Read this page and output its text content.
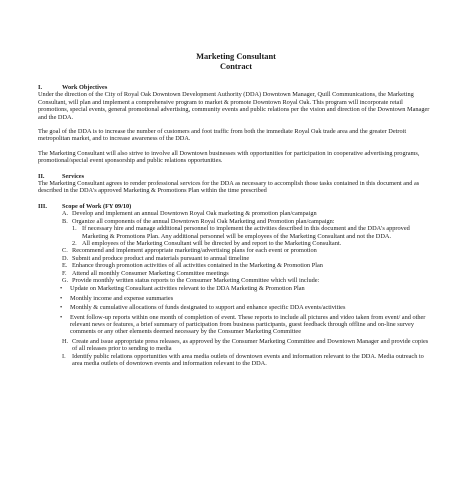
Marketing Consultant
Contract
I.	Work Objectives

Under the direction of the City of Royal Oak Downtown Development Authority (DDA) Downtown Manager, Quill Communications, the Marketing Consultant, will plan and implement a comprehensive program to market & promote Downtown Royal Oak. This program will incorporate retail promotions, special events, general promotional advertising, community events and public relations per the vision and direction of the Downtown Manager and the DDA.

The goal of the DDA is to increase the number of customers and foot traffic from both the immediate Royal Oak trade area and the greater Detroit metropolitan market, and to increase awareness of the DDA.

The Marketing Consultant will also strive to involve all Downtown businesses with opportunities for participation in cooperative advertising programs, promotional/special event sponsorship and public relations opportunities.

II.	Services

The Marketing Consultant agrees to render professional services for the DDA as necessary to accomplish those tasks contained in this document and as described in the DDA's approved Marketing & Promotions Plan within the time prescribed

III.	Scope of Work (FY 09/10)
A. Develop and implement an annual Downtown Royal Oak marketing & promotion plan/campaign
B. Organize all components of the annual Downtown Royal Oak Marketing and Promotion plan/campaign:
1. If necessary hire and manage additional personnel to implement the activities described in this document and the DDA's approved Marketing & Promotions Plan. Any additional personnel will be employees of the Marketing Consultant and not the DDA.
2. All employees of the Marketing Consultant will be directed by and report to the Marketing Consultant.
C. Recommend and implement appropriate marketing/advertising plans for each event or promotion
D. Submit and produce product and materials pursuant to annual timeline
E. Enhance through promotion activities of all activities contained in the Marketing & Promotion Plan
F. Attend all monthly Consumer Marketing Committee meetings
G. Provide monthly written status reports to the Consumer Marketing Committee which will include:
•	Update on Marketing Consultant activities relevant to the DDA Marketing & Promotion Plan
•	Monthly income and expense summaries
•	Monthly & cumulative allocations of funds designated to support and enhance specific DDA events/activities
•	Event follow-up reports within one month of completion of event. These reports to include all pictures and video taken from event/ and other relevant news or features, a brief summary of participation from business participants, guest feedback through offline and on-line survey comments or any other elements deemed necessary by the Consumer Marketing Committee
H. Create and issue appropriate press releases, as approved by the Consumer Marketing Committee and Downtown Manager and provide copies of all releases prior to sending to media
I.	Identify public relations opportunities with area media outlets of downtown events and information relevant to the DDA. Media outreach to area media outlets of downtown events and information relevant to the DDA.
